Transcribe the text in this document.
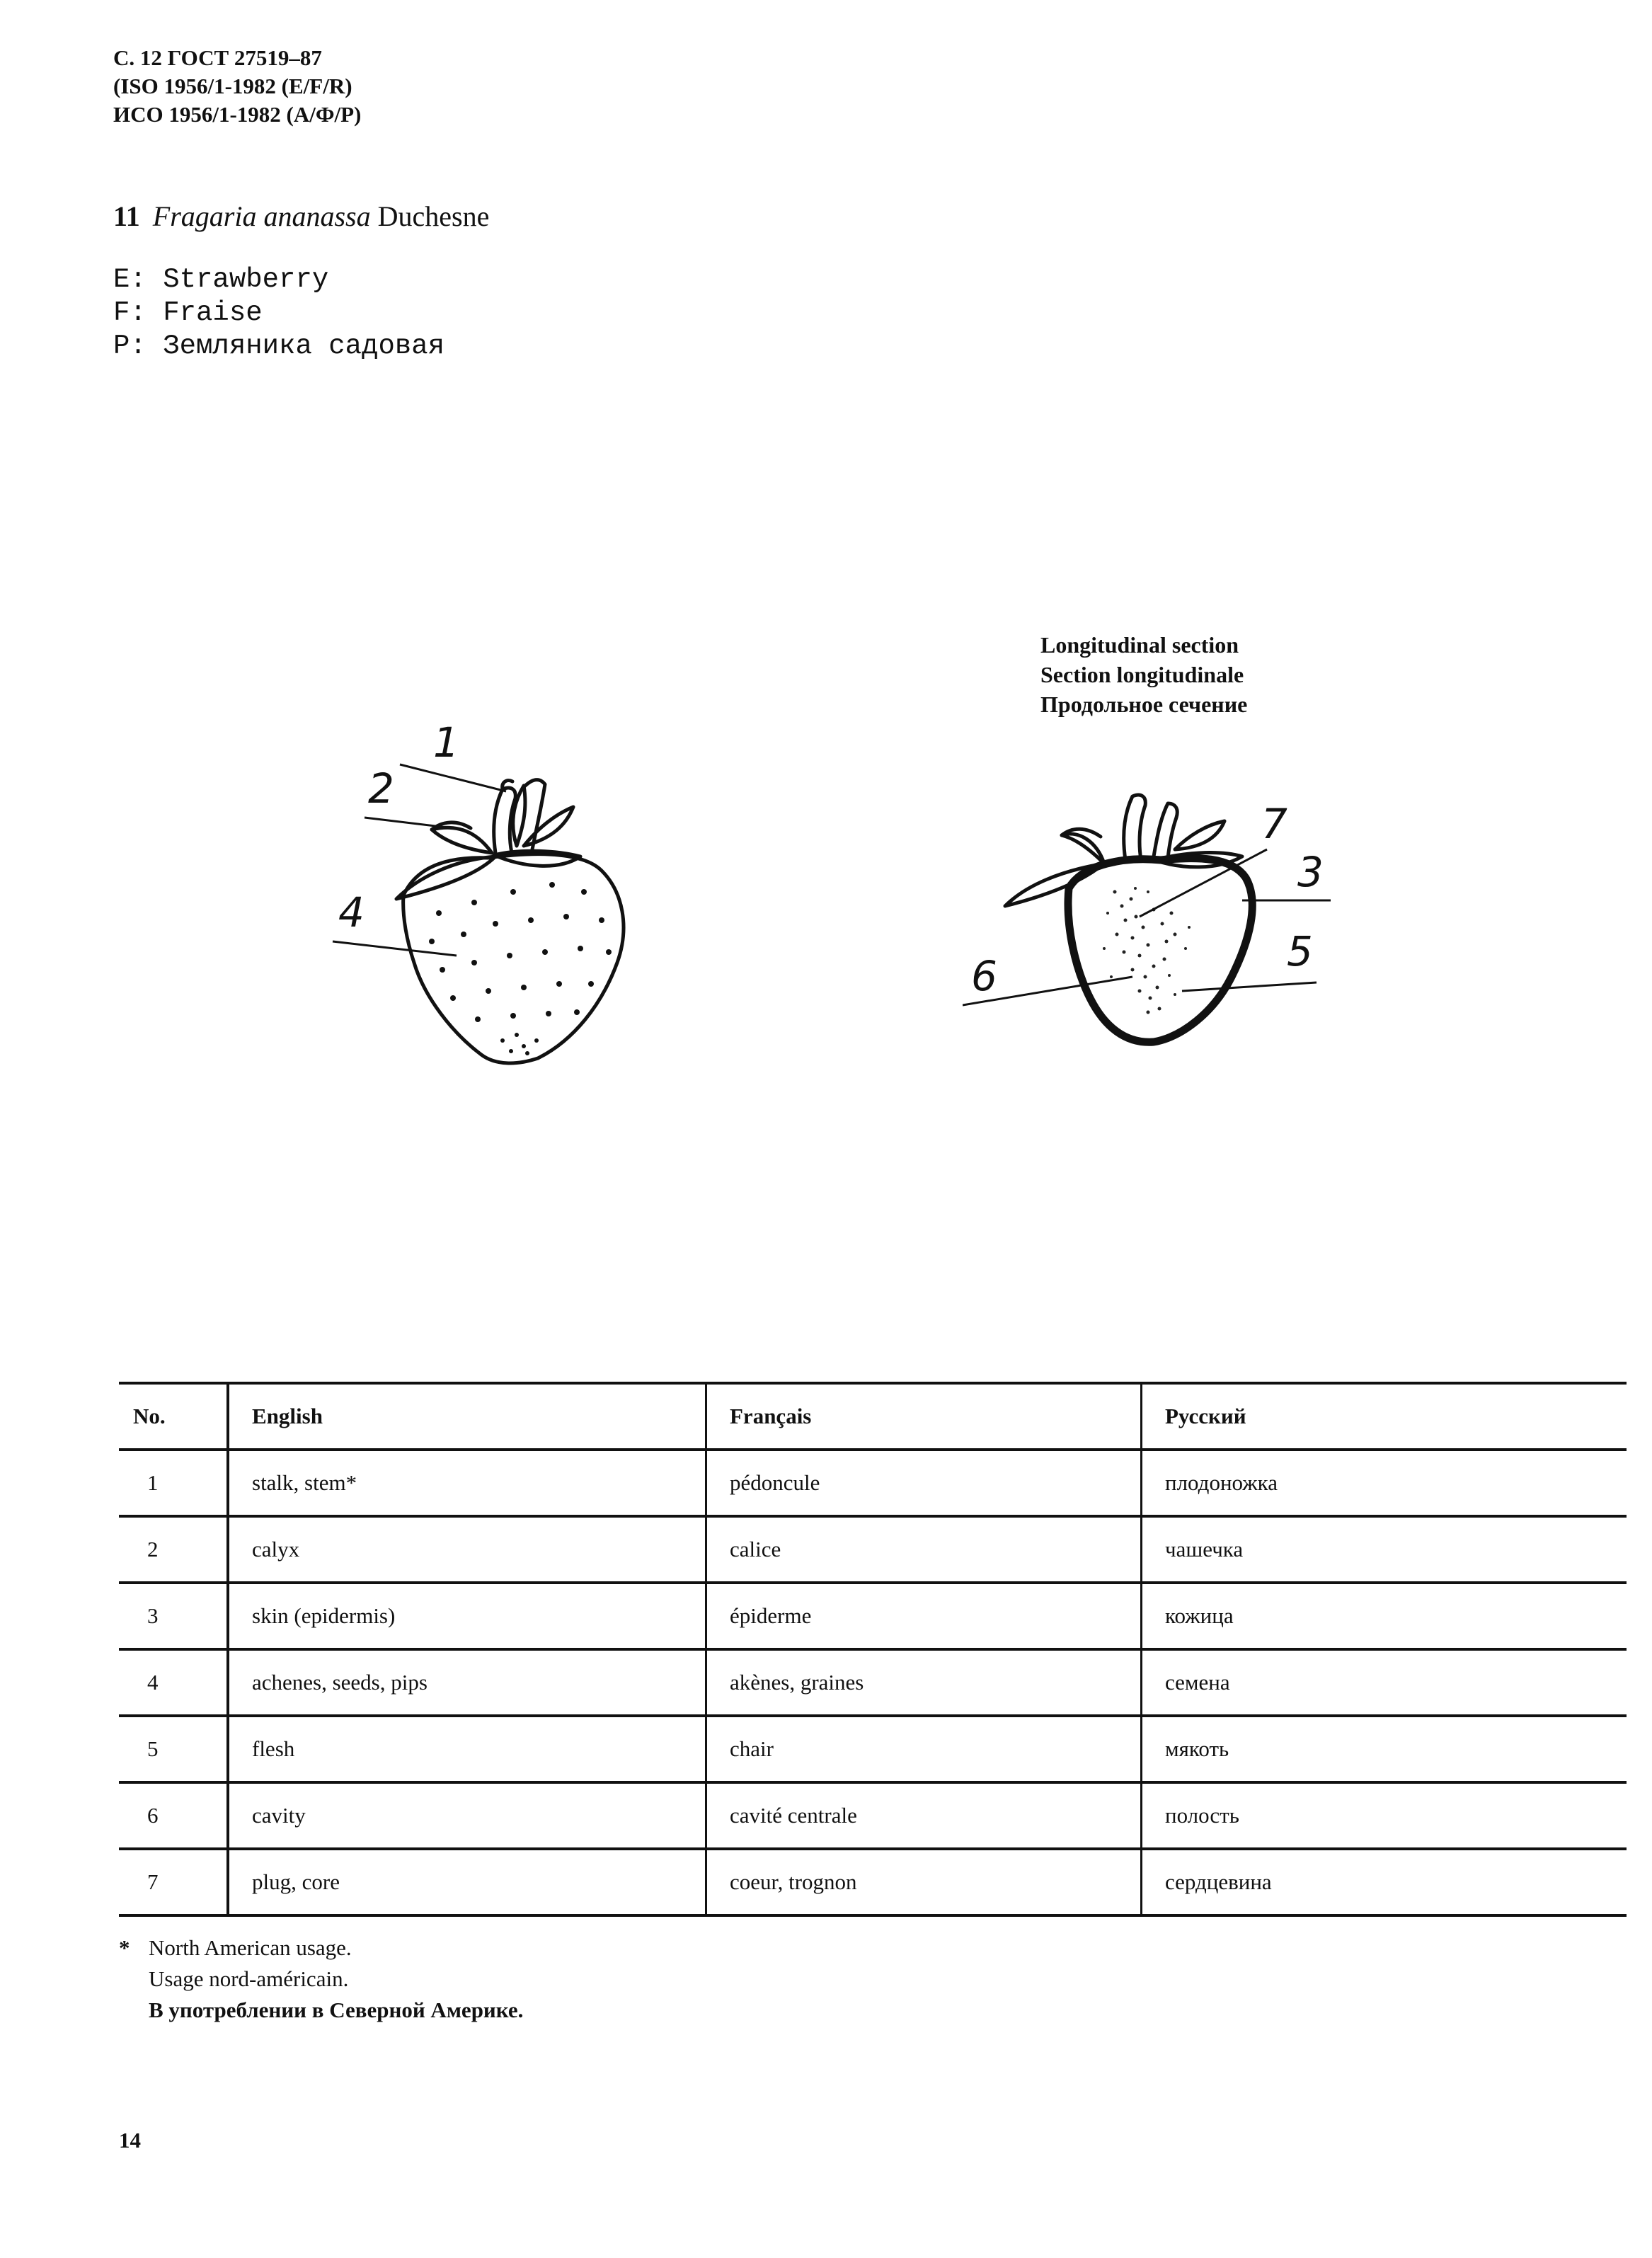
С. 12 ГОСТ 27519–87
(ISO 1956/1-1982 (E/F/R)
ИСО 1956/1-1982 (А/Ф/Р)
11 Fragaria ananassa Duchesne
E: Strawberry
F: Fraise
P: Земляника садовая
Longitudinal section
Section longitudinale
Продольное сечение
1
2
4
7
3
5
6
No.	English	Français	Русский
1	stalk, stem*	pédoncule	плодоножка
2	calyx	calice	чашечка
3	skin (epidermis)	épiderme	кожица
4	achenes, seeds, pips	akènes, graines	семена
5	flesh	chair	мякоть
6	cavity	cavité centrale	полость
7	plug, core	coeur, trognon	сердцевина
* North American usage.
Usage nord-américain.
В употреблении в Северной Америке.
14
